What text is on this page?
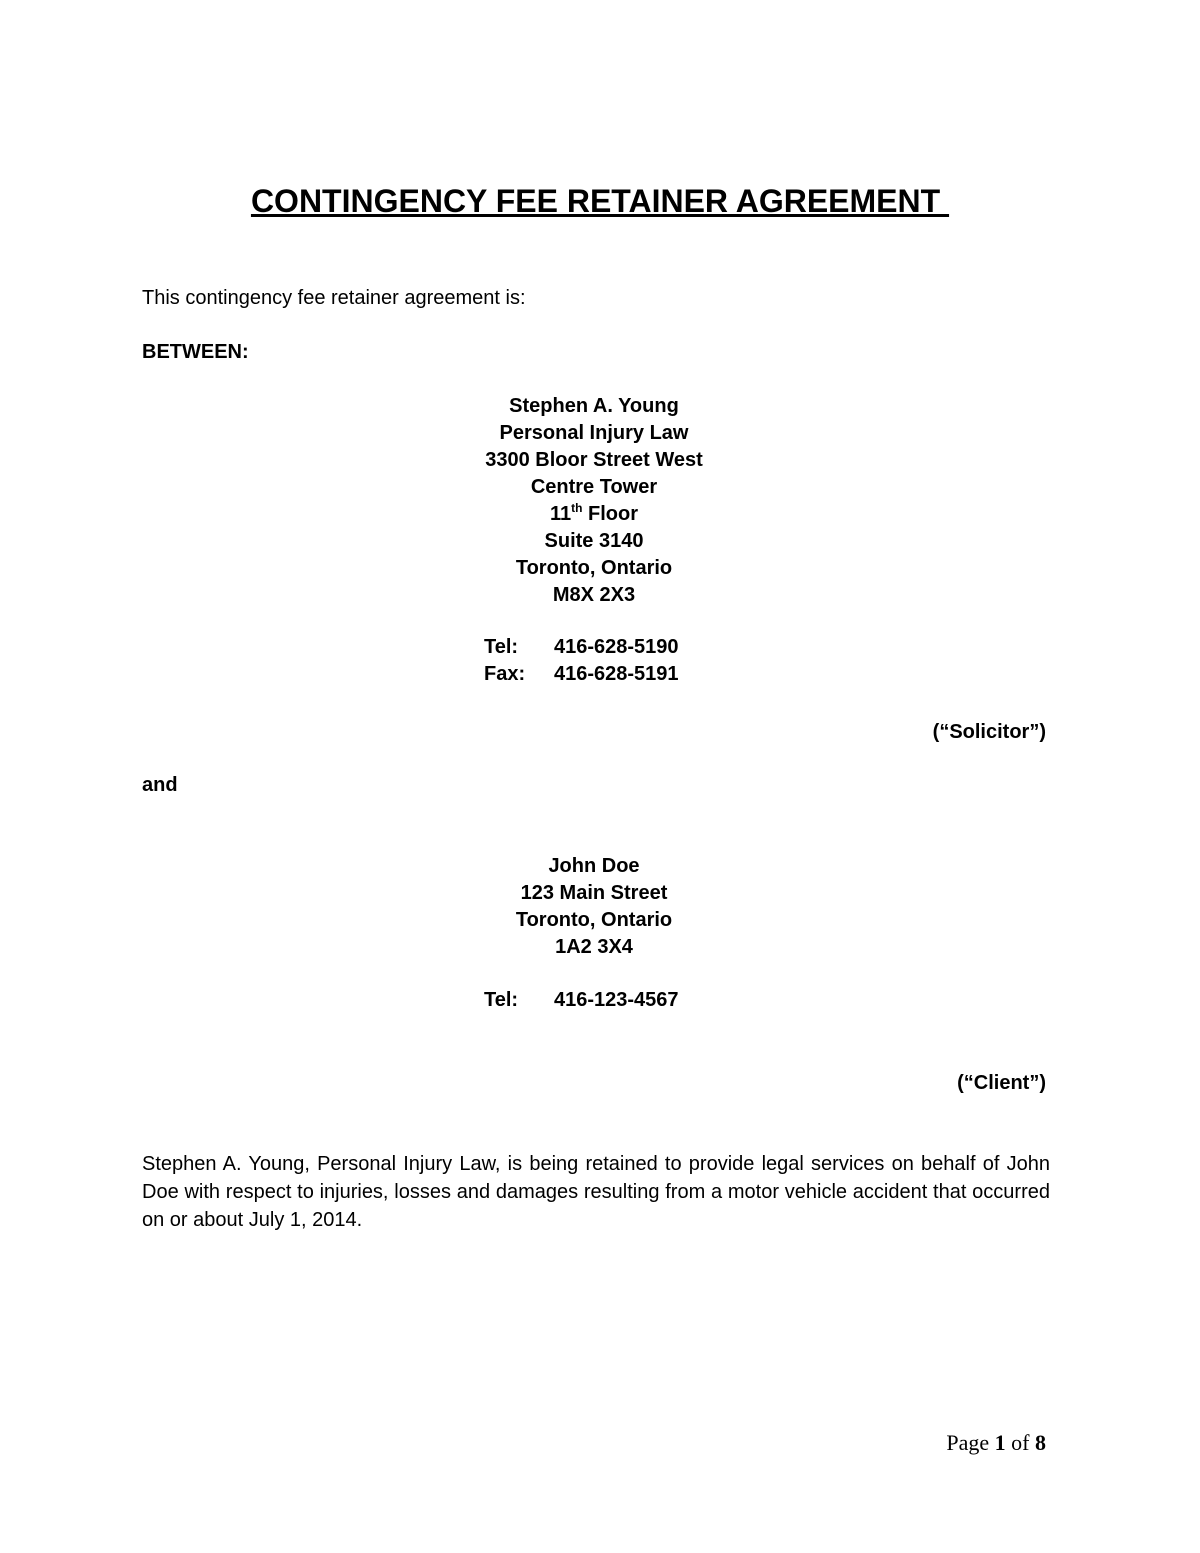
CONTINGENCY FEE RETAINER AGREEMENT
This contingency fee retainer agreement is:
BETWEEN:
Stephen A. Young
Personal Injury Law
3300 Bloor Street West
Centre Tower
11th Floor
Suite 3140
Toronto, Ontario
M8X 2X3
Tel:	416-628-5190
Fax:	416-628-5191
(“Solicitor”)
and
John Doe
123 Main Street
Toronto, Ontario
1A2 3X4
Tel:	416-123-4567
(“Client”)
Stephen A. Young, Personal Injury Law, is being retained to provide legal services on behalf of John Doe with respect to injuries, losses and damages resulting from a motor vehicle accident that occurred on or about July 1, 2014.
Page 1 of 8
